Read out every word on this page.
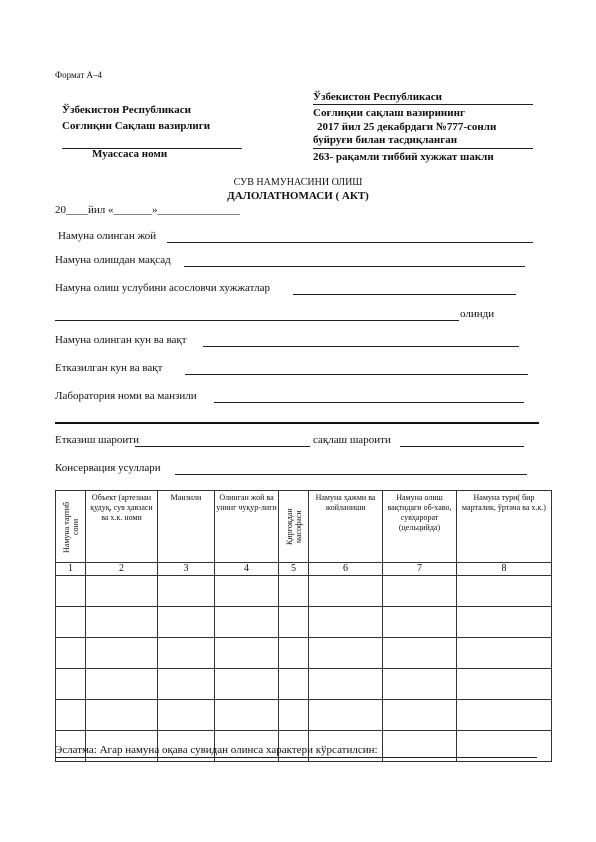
Формат А–4
Ўзбекистон Республикаси
Соғлиқни Сақлаш вазирлиги
Муассаса номи
Ўзбекистон Республикаси
Соғлиқни сақлаш вазирининг
2017 йил 25 декабрдаги №777-сонли
буйруғи билан тасдиқланган
263- рақамли тиббий хужжат шакли
СУВ НАМУНАСИНИ ОЛИШ
ДАЛОЛАТНОМАСИ ( АКТ)
20____йил «_______»_______________
Намуна олинган жой
Намуна олишдан мақсад
Намуна олиш услубини асословчи хужжатлар
олинди
Намуна олинган кун ва вақт
Етказилган кун ва вақт
Лаборатория номи ва манзили
Етказиш шароити	сақлаш шароити
Консервация усуллари
Намуна тартиб сони	Объект (артезиан қудуқ, сув ҳавзаси ва х.к. номи	Манзили	Олинган жой ва унинг чуқур-лиги	Қирғоқдан масофаси	Намуна ҳажми ва жойланиши	Намуна олиш вақтидаги об-хаво, сувҳарорат (цельцийда)	Намуна тури( бир марталик, ўртача ва х.к.)
1	2	3	4	5	6	7	8

Эслатма: Агар намуна оқава сувидан олинса характери кўрсатилсин:
